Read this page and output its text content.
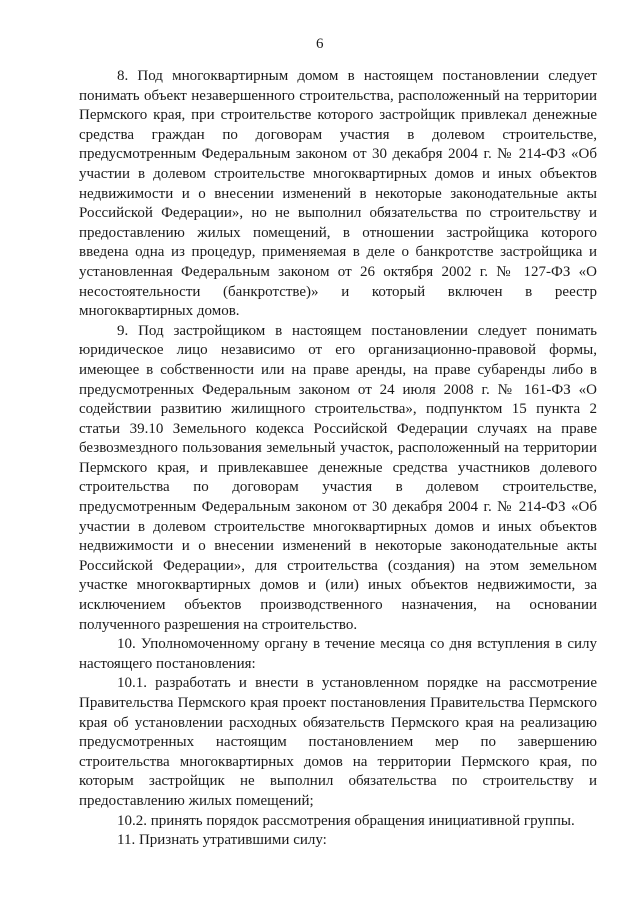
6

8. Под многоквартирным домом в настоящем постановлении следует понимать объект незавершенного строительства, расположенный на территории Пермского края, при строительстве которого застройщик привлекал денежные средства граждан по договорам участия в долевом строительстве, предусмотренным Федеральным законом от 30 декабря 2004 г. № 214-ФЗ «Об участии в долевом строительстве многоквартирных домов и иных объектов недвижимости и о внесении изменений в некоторые законодательные акты Российской Федерации», но не выполнил обязательства по строительству и предоставлению жилых помещений, в отношении застройщика которого введена одна из процедур, применяемая в деле о банкротстве застройщика и установленная Федеральным законом от 26 октября 2002 г. № 127-ФЗ «О несостоятельности (банкротстве)» и который включен в реестр многоквартирных домов.

9. Под застройщиком в настоящем постановлении следует понимать юридическое лицо независимо от его организационно-правовой формы, имеющее в собственности или на праве аренды, на праве субаренды либо в предусмотренных Федеральным законом от 24 июля 2008 г. № 161-ФЗ «О содействии развитию жилищного строительства», подпунктом 15 пункта 2 статьи 39.10 Земельного кодекса Российской Федерации случаях на праве безвозмездного пользования земельный участок, расположенный на территории Пермского края, и привлекавшее денежные средства участников долевого строительства по договорам участия в долевом строительстве, предусмотренным Федеральным законом от 30 декабря 2004 г. № 214-ФЗ «Об участии в долевом строительстве многоквартирных домов и иных объектов недвижимости и о внесении изменений в некоторые законодательные акты Российской Федерации», для строительства (создания) на этом земельном участке многоквартирных домов и (или) иных объектов недвижимости, за исключением объектов производственного назначения, на основании полученного разрешения на строительство.

10. Уполномоченному органу в течение месяца со дня вступления в силу настоящего постановления:

10.1. разработать и внести в установленном порядке на рассмотрение Правительства Пермского края проект постановления Правительства Пермского края об установлении расходных обязательств Пермского края на реализацию предусмотренных настоящим постановлением мер по завершению строительства многоквартирных домов на территории Пермского края, по которым застройщик не выполнил обязательства по строительству и предоставлению жилых помещений;

10.2. принять порядок рассмотрения обращения инициативной группы.

11. Признать утратившими силу:
